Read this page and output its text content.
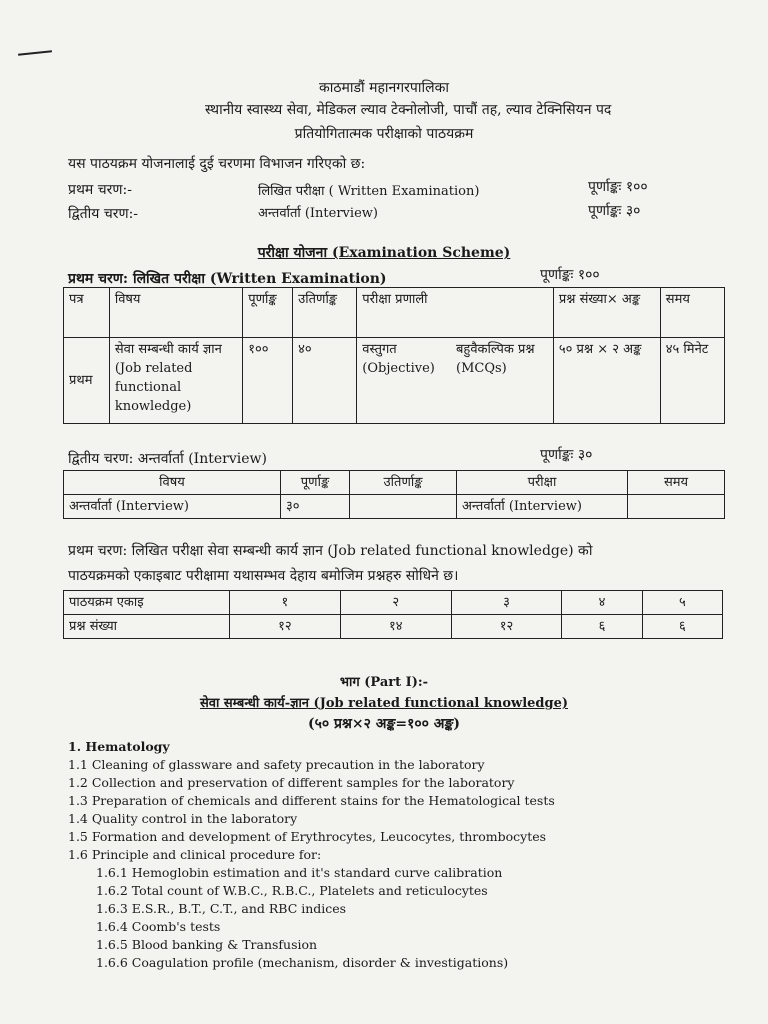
काठमाडौं महानगरपालिका
स्थानीय स्वास्थ्य सेवा, मेडिकल ल्याव टेक्नोलोजी, पाचौं तह, ल्याव टेक्निसियन पद
प्रतियोगितात्मक परीक्षाको पाठयक्रम
यस पाठयक्रम योजनालाई दुई चरणमा विभाजन गरिएको छ:
प्रथम चरण:-	लिखित परीक्षा ( Written Examination)	पूर्णाङ्कः १००
द्वितीय चरण:-	अन्तर्वार्ता (Interview)	पूर्णाङ्कः ३०
परीक्षा योजना (Examination Scheme)
प्रथम चरण: लिखित परीक्षा (Written Examination)	पूर्णाङ्कः १००
पत्र	विषय	पूर्णाङ्क	उतिर्णाङ्क	परीक्षा प्रणाली		प्रश्न संख्या× अङ्क	समय
प्रथम	सेवा सम्बन्धी कार्य ज्ञान (Job related functional knowledge)	१००	४०	वस्तुगत (Objective)	बहुवैकल्पिक प्रश्न (MCQs)	५० प्रश्न × २ अङ्क	४५ मिनेट
द्वितीय चरण: अन्तर्वार्ता (Interview)	पूर्णाङ्कः ३०
विषय	पूर्णाङ्क	उतिर्णाङ्क	परीक्षा	समय
अन्तर्वार्ता (Interview)	३०		अन्तर्वार्ता (Interview)	
प्रथम चरण: लिखित परीक्षा सेवा सम्बन्धी कार्य ज्ञान (Job related functional knowledge) को
पाठयक्रमको एकाइबाट परीक्षामा यथासम्भव देहाय बमोजिम प्रश्नहरु सोधिने छ।
पाठयक्रम एकाइ	१	२	३	४	५
प्रश्न संख्या	१२	१४	१२	६	६
भाग (Part I):-
सेवा सम्बन्धी कार्य-ज्ञान (Job related functional knowledge)
(५० प्रश्न×२ अङ्क=१०० अङ्क)
1. Hematology
1.1 Cleaning of glassware and safety precaution in the laboratory
1.2 Collection and preservation of different samples for the laboratory
1.3 Preparation of chemicals and different stains for the Hematological tests
1.4 Quality control in the laboratory
1.5 Formation and development of Erythrocytes, Leucocytes, thrombocytes
1.6 Principle and clinical procedure for:
1.6.1 Hemoglobin estimation and it's standard curve calibration
1.6.2 Total count of W.B.C., R.B.C., Platelets and reticulocytes
1.6.3 E.S.R., B.T., C.T., and RBC indices
1.6.4 Coomb's tests
1.6.5 Blood banking & Transfusion
1.6.6 Coagulation profile (mechanism, disorder & investigations)
